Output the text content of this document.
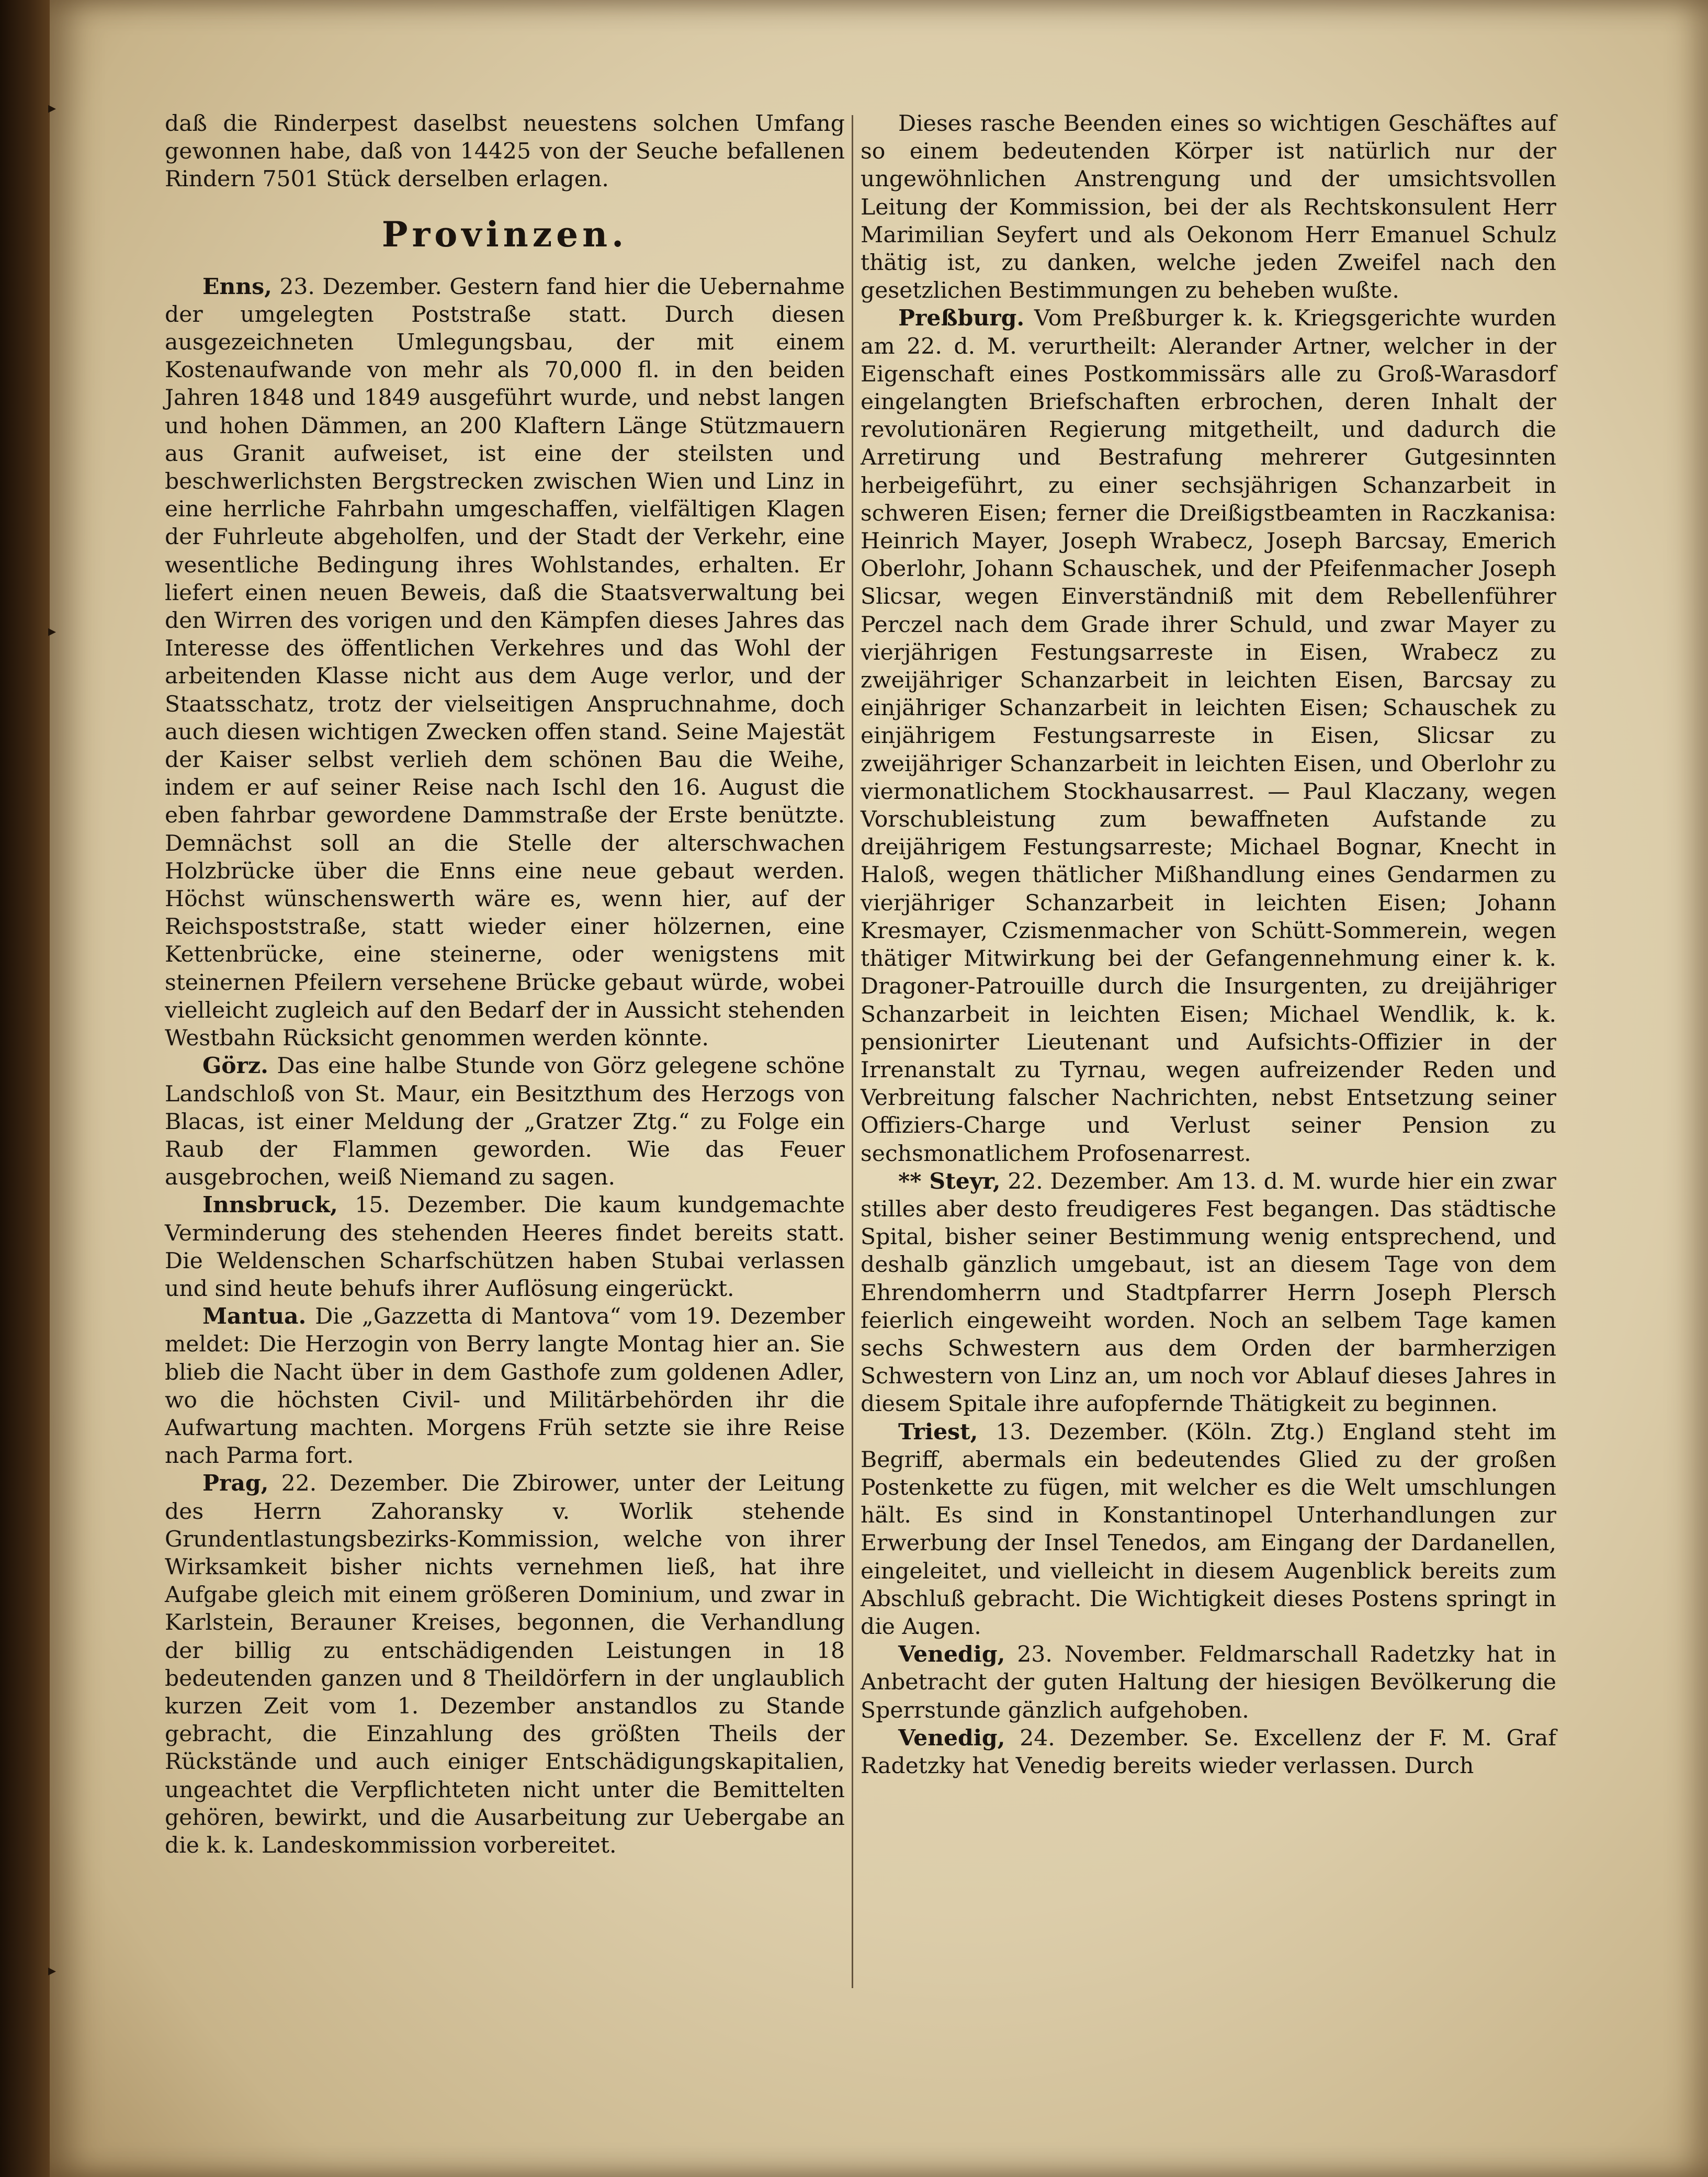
▸
▸
▸

daß die Rinderpest daselbst neuestens solchen Umfang gewonnen habe, daß von 14425 von der Seuche befallenen Rindern 7501 Stück derselben erlagen.

Provinzen.

Enns, 23. Dezember. Gestern fand hier die Uebernahme der umgelegten Poststraße statt. Durch diesen ausgezeichneten Umlegungsbau, der mit einem Kostenaufwande von mehr als 70,000 fl. in den beiden Jahren 1848 und 1849 ausgeführt wurde, und nebst langen und hohen Dämmen, an 200 Klaftern Länge Stützmauern aus Granit aufweiset, ist eine der steilsten und beschwerlichsten Bergstrecken zwischen Wien und Linz in eine herrliche Fahrbahn umgeschaffen, vielfältigen Klagen der Fuhrleute abgeholfen, und der Stadt der Verkehr, eine wesentliche Bedingung ihres Wohlstandes, erhalten. Er liefert einen neuen Beweis, daß die Staatsverwaltung bei den Wirren des vorigen und den Kämpfen dieses Jahres das Interesse des öffentlichen Verkehres und das Wohl der arbeitenden Klasse nicht aus dem Auge verlor, und der Staatsschatz, trotz der vielseitigen Anspruchnahme, doch auch diesen wichtigen Zwecken offen stand. Seine Majestät der Kaiser selbst verlieh dem schönen Bau die Weihe, indem er auf seiner Reise nach Ischl den 16. August die eben fahrbar gewordene Dammstraße der Erste benützte. Demnächst soll an die Stelle der alterschwachen Holzbrücke über die Enns eine neue gebaut werden. Höchst wünschenswerth wäre es, wenn hier, auf der Reichspoststraße, statt wieder einer hölzernen, eine Kettenbrücke, eine steinerne, oder wenigstens mit steinernen Pfeilern versehene Brücke gebaut würde, wobei vielleicht zugleich auf den Bedarf der in Aussicht stehenden Westbahn Rücksicht genommen werden könnte.

Görz. Das eine halbe Stunde von Görz gelegene schöne Landschloß von St. Maur, ein Besitzthum des Herzogs von Blacas, ist einer Meldung der „Gratzer Ztg.“ zu Folge ein Raub der Flammen geworden. Wie das Feuer ausgebrochen, weiß Niemand zu sagen.

Innsbruck, 15. Dezember. Die kaum kundgemachte Verminderung des stehenden Heeres findet bereits statt. Die Weldenschen Scharfschützen haben Stubai verlassen und sind heute behufs ihrer Auflösung eingerückt.

Mantua. Die „Gazzetta di Mantova“ vom 19. Dezember meldet: Die Herzogin von Berry langte Montag hier an. Sie blieb die Nacht über in dem Gasthofe zum goldenen Adler, wo die höchsten Civil- und Militärbehörden ihr die Aufwartung machten. Morgens Früh setzte sie ihre Reise nach Parma fort.

Prag, 22. Dezember. Die Zbirower, unter der Leitung des Herrn Zahoransky v. Worlik stehende Grundentlastungsbezirks-Kommission, welche von ihrer Wirksamkeit bisher nichts vernehmen ließ, hat ihre Aufgabe gleich mit einem größeren Dominium, und zwar in Karlstein, Berauner Kreises, begonnen, die Verhandlung der billig zu entschädigenden Leistungen in 18 bedeutenden ganzen und 8 Theildörfern in der unglaublich kurzen Zeit vom 1. Dezember anstandlos zu Stande gebracht, die Einzahlung des größten Theils der Rückstände und auch einiger Entschädigungskapitalien, ungeachtet die Verpflichteten nicht unter die Bemittelten gehören, bewirkt, und die Ausarbeitung zur Uebergabe an die k. k. Landeskommission vorbereitet.

Dieses rasche Beenden eines so wichtigen Geschäftes auf so einem bedeutenden Körper ist natürlich nur der ungewöhnlichen Anstrengung und der umsichtsvollen Leitung der Kommission, bei der als Rechtskonsulent Herr Marimilian Seyfert und als Oekonom Herr Emanuel Schulz thätig ist, zu danken, welche jeden Zweifel nach den gesetzlichen Bestimmungen zu beheben wußte.

Preßburg. Vom Preßburger k. k. Kriegsgerichte wurden am 22. d. M. verurtheilt: Alerander Artner, welcher in der Eigenschaft eines Postkommissärs alle zu Groß-Warasdorf eingelangten Briefschaften erbrochen, deren Inhalt der revolutionären Regierung mitgetheilt, und dadurch die Arretirung und Bestrafung mehrerer Gutgesinnten herbeigeführt, zu einer sechsjährigen Schanzarbeit in schweren Eisen; ferner die Dreißigstbeamten in Raczkanisa: Heinrich Mayer, Joseph Wrabecz, Joseph Barcsay, Emerich Oberlohr, Johann Schauschek, und der Pfeifenmacher Joseph Slicsar, wegen Einverständniß mit dem Rebellenführer Perczel nach dem Grade ihrer Schuld, und zwar Mayer zu vierjährigen Festungsarreste in Eisen, Wrabecz zu zweijähriger Schanzarbeit in leichten Eisen, Barcsay zu einjähriger Schanzarbeit in leichten Eisen; Schauschek zu einjährigem Festungsarreste in Eisen, Slicsar zu zweijähriger Schanzarbeit in leichten Eisen, und Oberlohr zu viermonatlichem Stockhausarrest. — Paul Klaczany, wegen Vorschubleistung zum bewaffneten Aufstande zu dreijährigem Festungsarreste; Michael Bognar, Knecht in Haloß, wegen thätlicher Mißhandlung eines Gendarmen zu vierjähriger Schanzarbeit in leichten Eisen; Johann Kresmayer, Czismenmacher von Schütt-Sommerein, wegen thätiger Mitwirkung bei der Gefangennehmung einer k. k. Dragoner-Patrouille durch die Insurgenten, zu dreijähriger Schanzarbeit in leichten Eisen; Michael Wendlik, k. k. pensionirter Lieutenant und Aufsichts-Offizier in der Irrenanstalt zu Tyrnau, wegen aufreizender Reden und Verbreitung falscher Nachrichten, nebst Entsetzung seiner Offiziers-Charge und Verlust seiner Pension zu sechsmonatlichem Profosenarrest.

** Steyr, 22. Dezember. Am 13. d. M. wurde hier ein zwar stilles aber desto freudigeres Fest begangen. Das städtische Spital, bisher seiner Bestimmung wenig entsprechend, und deshalb gänzlich umgebaut, ist an diesem Tage von dem Ehrendomherrn und Stadtpfarrer Herrn Joseph Plersch feierlich eingeweiht worden. Noch an selbem Tage kamen sechs Schwestern aus dem Orden der barmherzigen Schwestern von Linz an, um noch vor Ablauf dieses Jahres in diesem Spitale ihre aufopfernde Thätigkeit zu beginnen.

Triest, 13. Dezember. (Köln. Ztg.) England steht im Begriff, abermals ein bedeutendes Glied zu der großen Postenkette zu fügen, mit welcher es die Welt umschlungen hält. Es sind in Konstantinopel Unterhandlungen zur Erwerbung der Insel Tenedos, am Eingang der Dardanellen, eingeleitet, und vielleicht in diesem Augenblick bereits zum Abschluß gebracht. Die Wichtigkeit dieses Postens springt in die Augen.

Venedig, 23. November. Feldmarschall Radetzky hat in Anbetracht der guten Haltung der hiesigen Bevölkerung die Sperrstunde gänzlich aufgehoben.

Venedig, 24. Dezember. Se. Excellenz der F. M. Graf Radetzky hat Venedig bereits wieder verlassen. Durch
